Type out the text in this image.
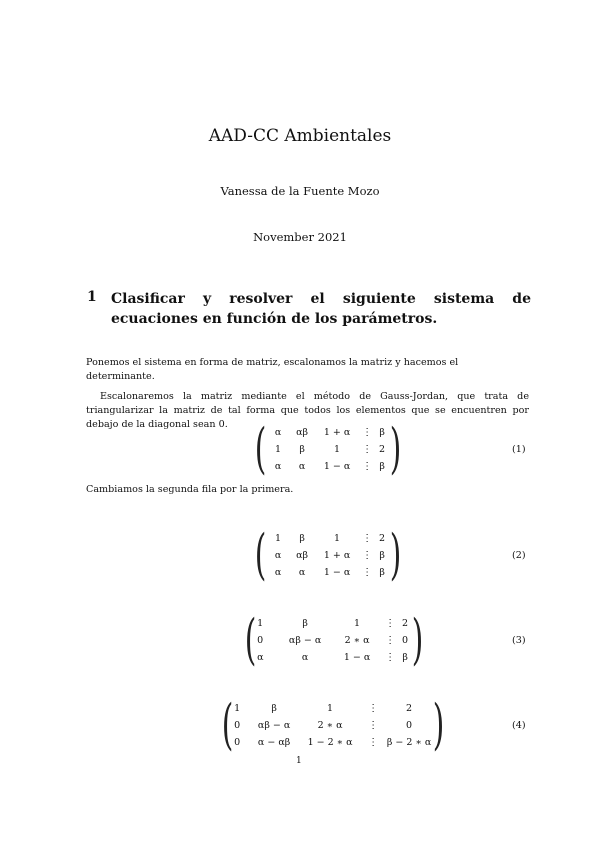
AAD-CC Ambientales
Vanessa de la Fuente Mozo
November 2021
1 Clasificar y resolver el siguiente sistema de ecuaciones en función de los parámetros.
Ponemos el sistema en forma de matriz, escalonamos la matriz y hacemos el determinante.
Escalonaremos la matriz mediante el método de Gauss-Jordan, que trata de triangularizar la matriz de tal forma que todos los elementos que se encuentren por debajo de la diagonal sean 0. ( α	αβ	1 + α	⋮ β
1	β	1	⋮ 2
α	α	1 − α	⋮ β )	(1)
Cambiamos la segunda fila por la primera.
( 1	β	1	⋮ 2
α	αβ	1 + α	⋮ β
α	α	1 − α	⋮ β )	(2)
( 1	β	1	⋮ 2
0	αβ − α	2 ∗ α	⋮ 0
α	α	1 − α	⋮ β )	(3)
( 1	β	1	⋮	2
0	αβ − α	2 ∗ α	⋮	0
0	α − αβ	1 − 2 ∗ α	⋮ β − 2 ∗ α )	(4)
1
